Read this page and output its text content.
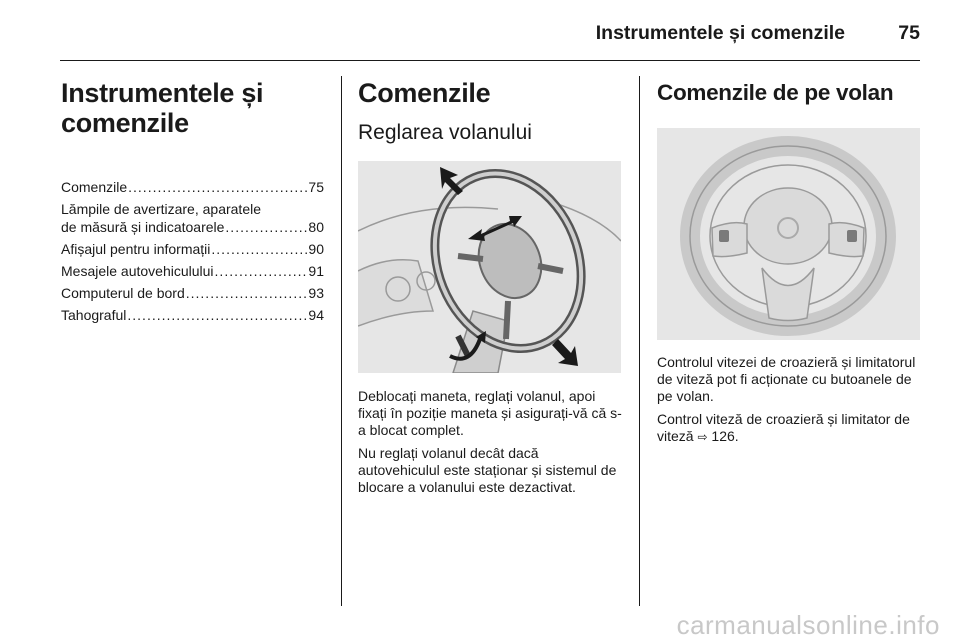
Instrumentele și comenzile	75
Instrumentele și
comenzile
Comenzile .....	75
Lămpile de avertizare, aparatele
de măsură și indicatoarele .....	80
Afișajul pentru informații .....	90
Mesajele autovehiculului .....	91
Computerul de bord .....	93
Tahograful .....	94
Comenzile
Reglarea volanului

Deblocați maneta, reglați volanul, apoi fixați în poziție maneta și asigurați-vă că s-a blocat complet.

Nu reglați volanul decât dacă autovehiculul este staționar și sistemul de blocare a volanului este dezactivat.

Comenzile de pe volan

Controlul vitezei de croazieră și limitatorul de viteză pot fi acționate cu butoanele de pe volan.

Control viteză de croazieră și limitator de viteză ⇨ 126.

carmanualsonline.info
